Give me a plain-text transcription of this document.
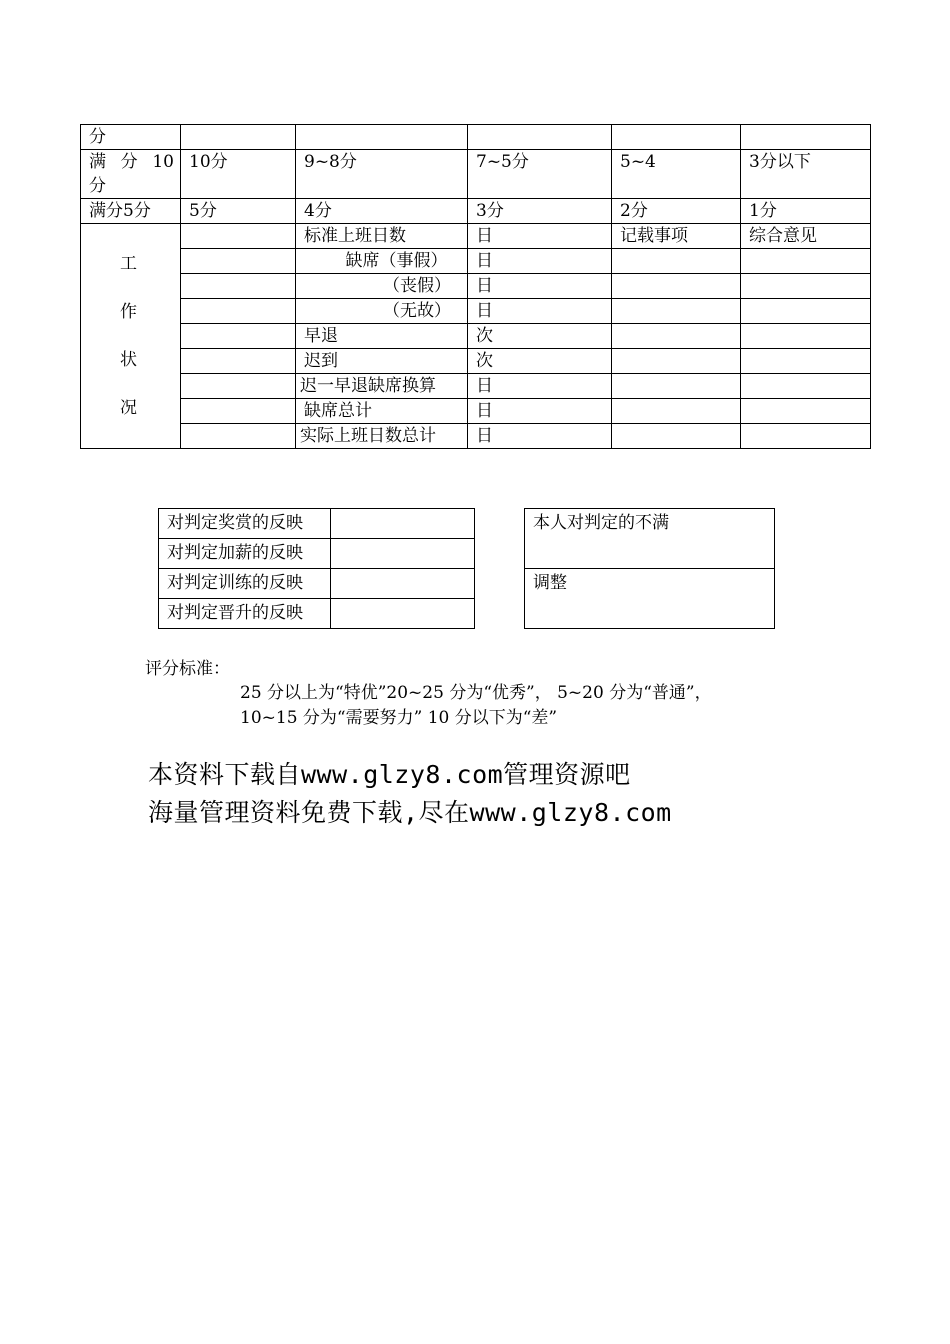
分					
满 分 10 分	10分	9~8分	7~5分	5~4	3分以下
满分5分	5分	4分	3分	2分	1分

工 作
状 况		标准上班日数	日	记载事项	综合意见
		缺席（事假）	日		
		（丧假）	日		
		（无故）	日		
		早退	次		
		迟到	次		
		迟一早退缺席换算	日		
		缺席总计	日		
		实际上班日数总计	日		
对判定奖赏的反映	
对判定加薪的反映	
对判定训练的反映	
对判定晋升的反映	
本人对判定的不满
调整
评分标准：
25 分以上为“特优”20~25 分为“优秀”， 5~20 分为“普通”，
10~15 分为“需要努力” 10 分以下为“差”
本资料下载自www.glzy8.com管理资源吧
海量管理资料免费下载,尽在www.glzy8.com
